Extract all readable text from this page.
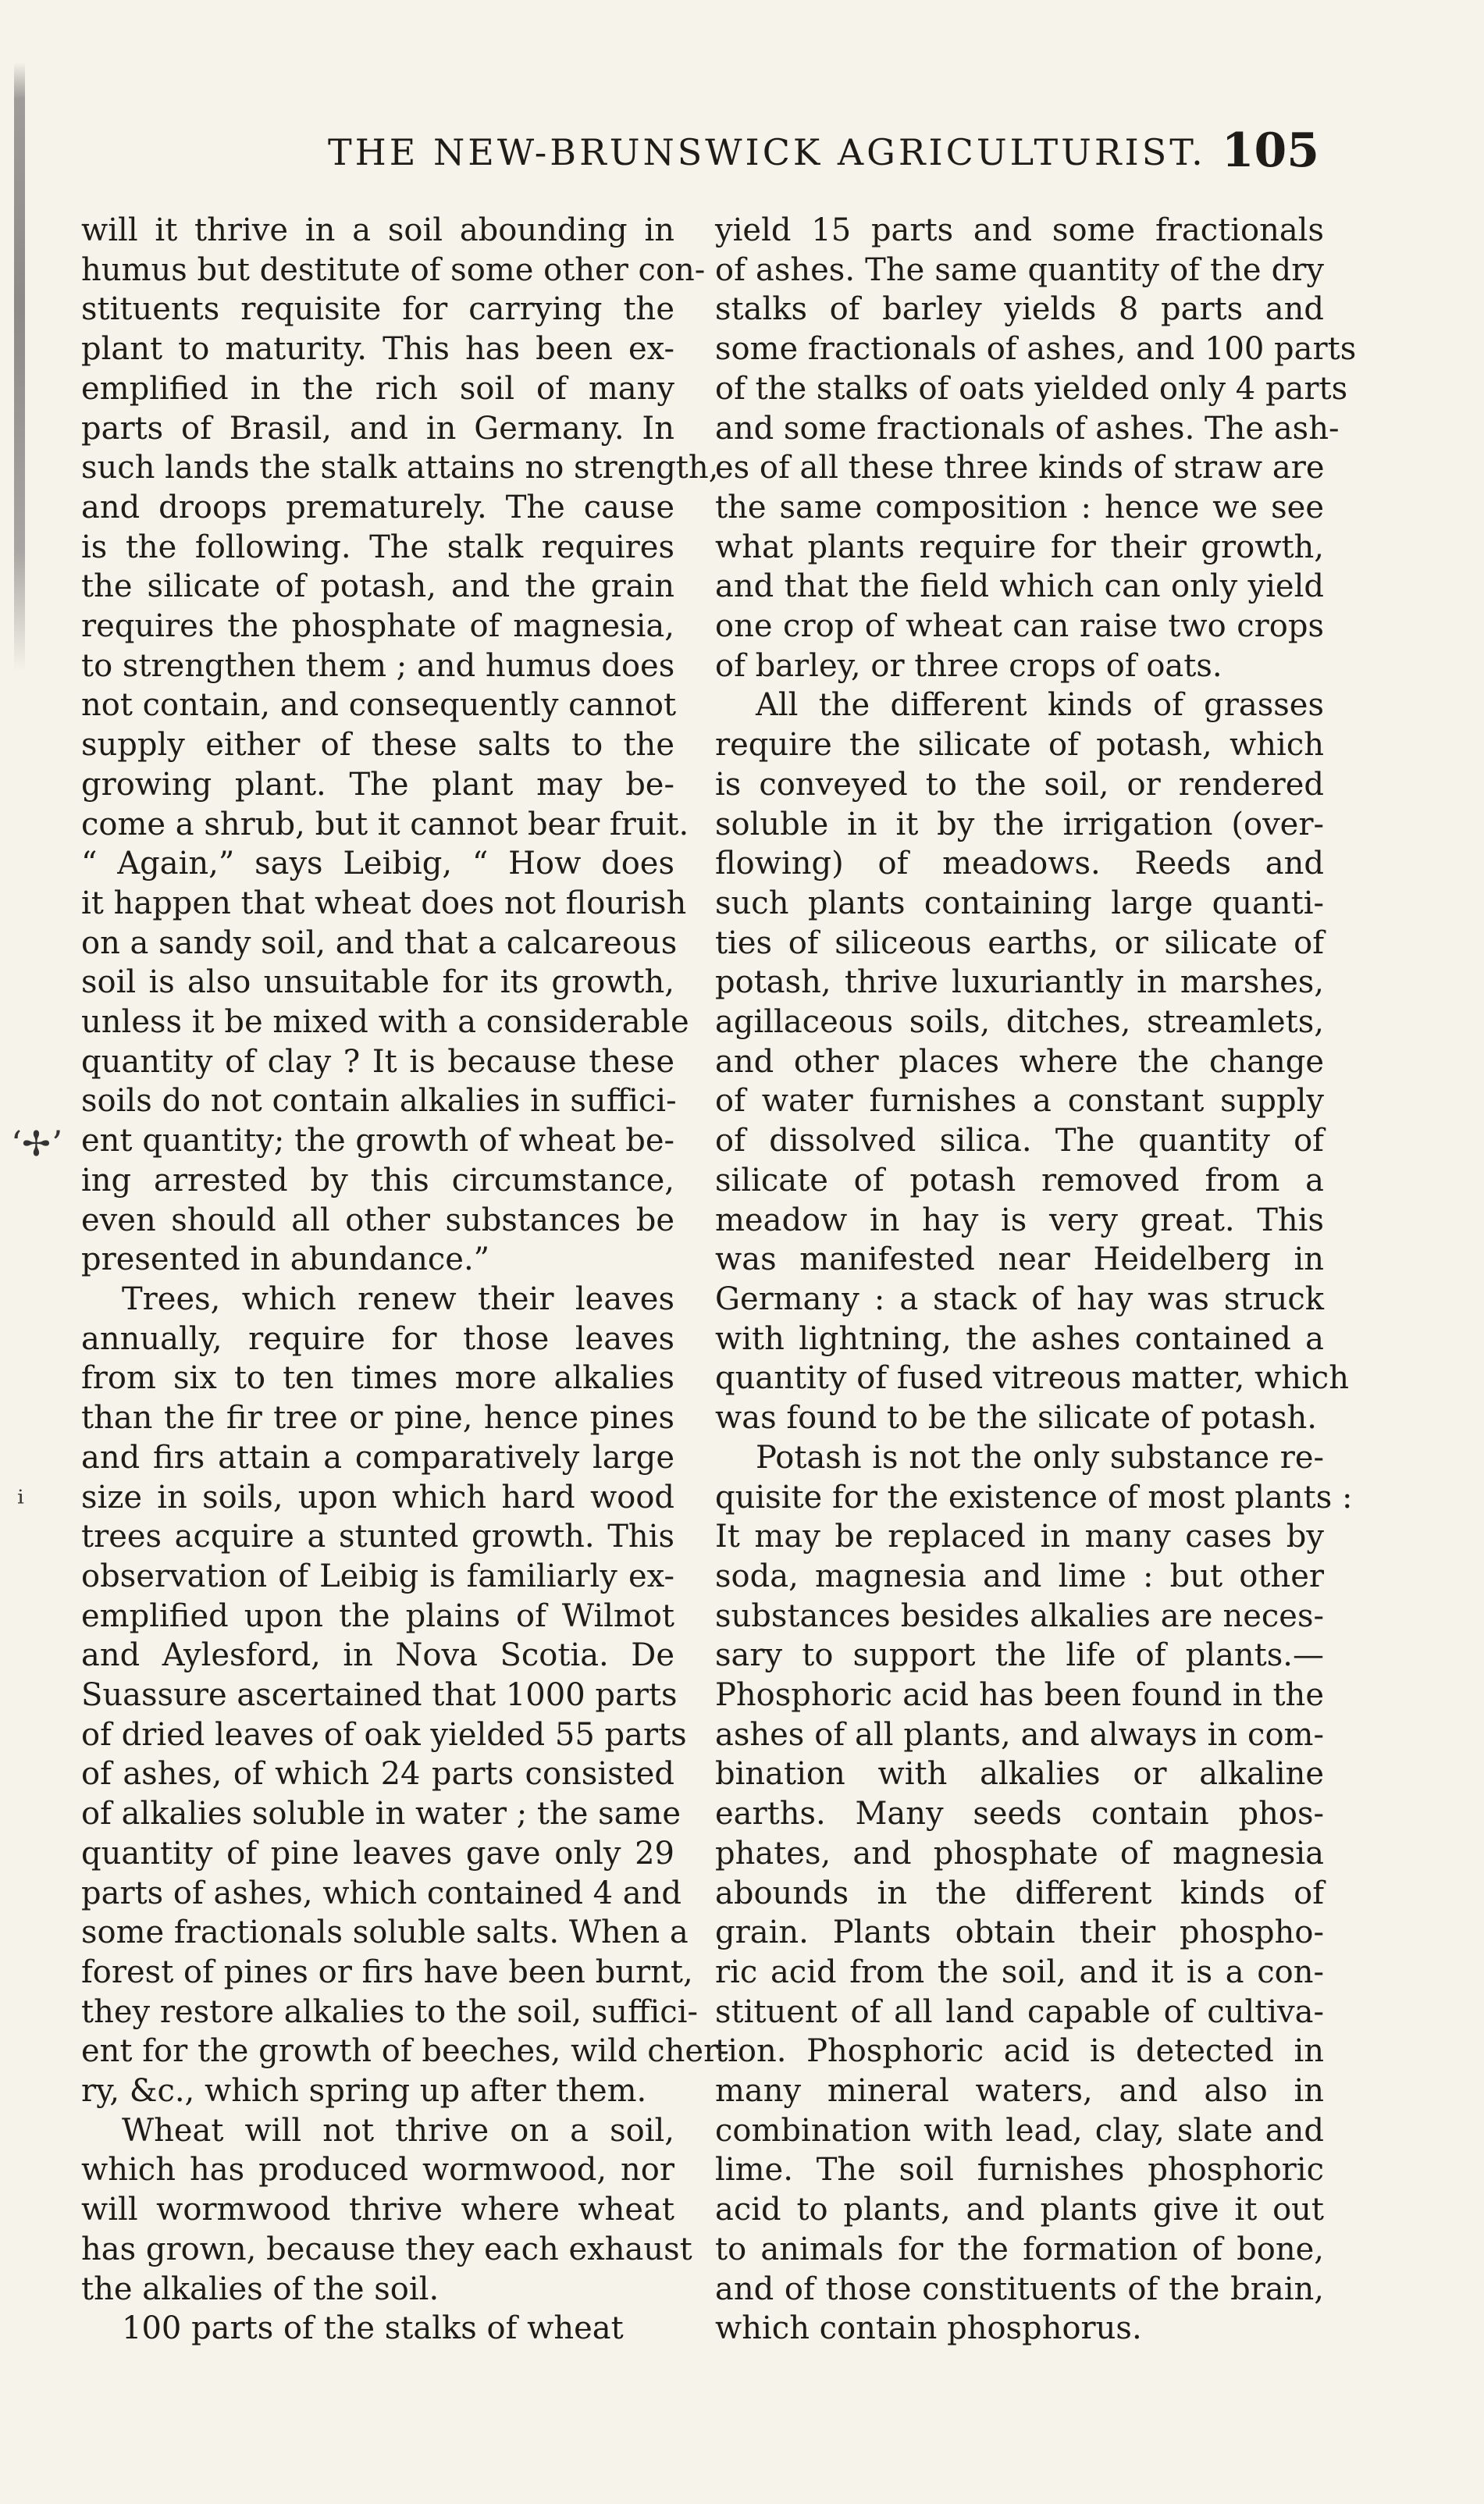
THE NEW-BRUNSWICK AGRICULTURIST. 105
ʻ✢ʼ
ⁱ
will it thrive in a soil abounding in
humus but destitute of some other con-
stituents requisite for carrying the
plant to maturity. This has been ex-
emplified in the rich soil of many
parts of Brasil, and in Germany. In
such lands the stalk attains no strength,
and droops prematurely. The cause
is the following. The stalk requires
the silicate of potash, and the grain
requires the phosphate of magnesia,
to strengthen them ; and humus does
not contain, and consequently cannot
supply either of these salts to the
growing plant. The plant may be-
come a shrub, but it cannot bear fruit.
“ Again,” says Leibig, “ How does
it happen that wheat does not flourish
on a sandy soil, and that a calcareous
soil is also unsuitable for its growth,
unless it be mixed with a considerable
quantity of clay ? It is because these
soils do not contain alkalies in suffici-
ent quantity; the growth of wheat be-
ing arrested by this circumstance,
even should all other substances be
presented in abundance.”
Trees, which renew their leaves
annually, require for those leaves
from six to ten times more alkalies
than the fir tree or pine, hence pines
and firs attain a comparatively large
size in soils, upon which hard wood
trees acquire a stunted growth. This
observation of Leibig is familiarly ex-
emplified upon the plains of Wilmot
and Aylesford, in Nova Scotia. De
Suassure ascertained that 1000 parts
of dried leaves of oak yielded 55 parts
of ashes, of which 24 parts consisted
of alkalies soluble in water ; the same
quantity of pine leaves gave only 29
parts of ashes, which contained 4 and
some fractionals soluble salts. When a
forest of pines or firs have been burnt,
they restore alkalies to the soil, suffici-
ent for the growth of beeches, wild cher-
ry, &c., which spring up after them.
Wheat will not thrive on a soil,
which has produced wormwood, nor
will wormwood thrive where wheat
has grown, because they each exhaust
the alkalies of the soil.
100 parts of the stalks of wheat
yield 15 parts and some fractionals
of ashes. The same quantity of the dry
stalks of barley yields 8 parts and
some fractionals of ashes, and 100 parts
of the stalks of oats yielded only 4 parts
and some fractionals of ashes. The ash-
es of all these three kinds of straw are
the same composition : hence we see
what plants require for their growth,
and that the field which can only yield
one crop of wheat can raise two crops
of barley, or three crops of oats.
All the different kinds of grasses
require the silicate of potash, which
is conveyed to the soil, or rendered
soluble in it by the irrigation (over-
flowing) of meadows. Reeds and
such plants containing large quanti-
ties of siliceous earths, or silicate of
potash, thrive luxuriantly in marshes,
agillaceous soils, ditches, streamlets,
and other places where the change
of water furnishes a constant supply
of dissolved silica. The quantity of
silicate of potash removed from a
meadow in hay is very great. This
was manifested near Heidelberg in
Germany : a stack of hay was struck
with lightning, the ashes contained a
quantity of fused vitreous matter, which
was found to be the silicate of potash.
Potash is not the only substance re-
quisite for the existence of most plants :
It may be replaced in many cases by
soda, magnesia and lime : but other
substances besides alkalies are neces-
sary to support the life of plants.—
Phosphoric acid has been found in the
ashes of all plants, and always in com-
bination with alkalies or alkaline
earths. Many seeds contain phos-
phates, and phosphate of magnesia
abounds in the different kinds of
grain. Plants obtain their phospho-
ric acid from the soil, and it is a con-
stituent of all land capable of cultiva-
tion. Phosphoric acid is detected in
many mineral waters, and also in
combination with lead, clay, slate and
lime. The soil furnishes phosphoric
acid to plants, and plants give it out
to animals for the formation of bone,
and of those constituents of the brain,
which contain phosphorus.
